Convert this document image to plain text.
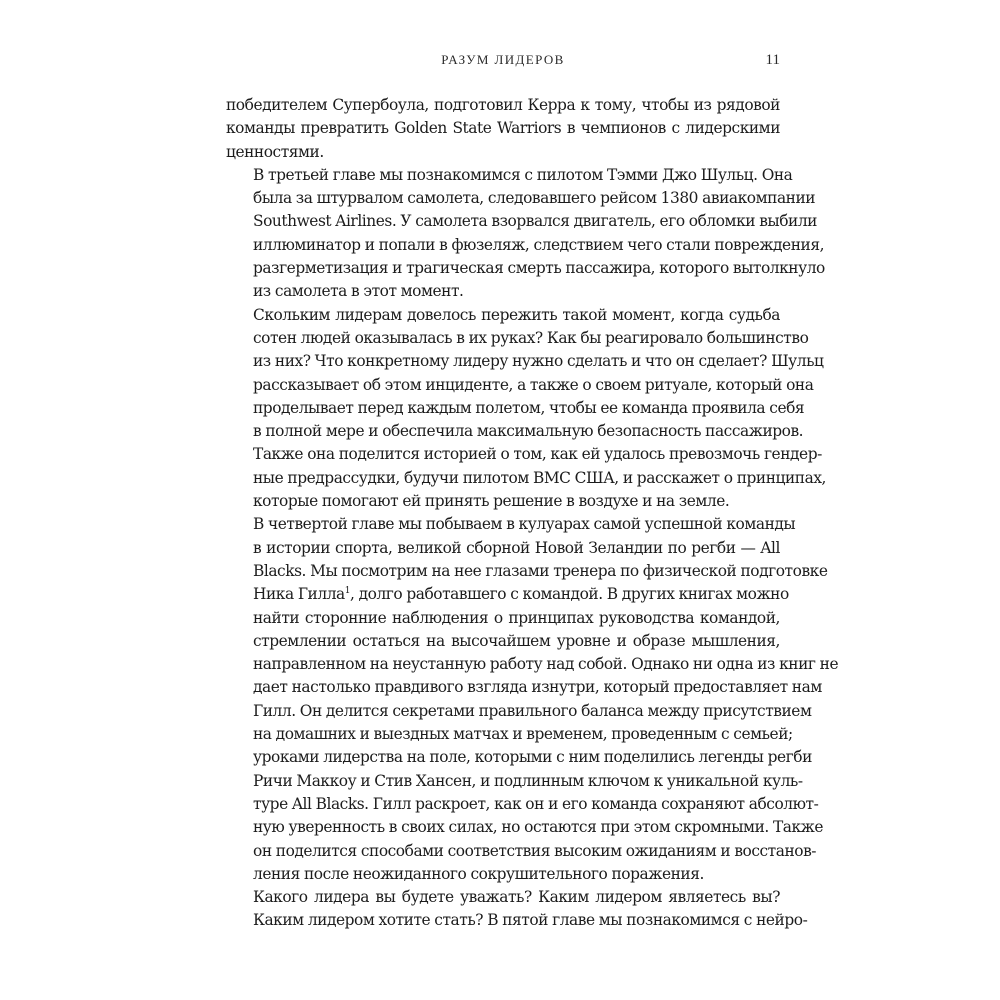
РАЗУМ ЛИДЕРОВ	11

победителем Супербоула, подготовил Керра к тому, чтобы из рядовой
команды превратить Golden State Warriors в чемпионов с лидерскими
ценностями.

В третьей главе мы познакомимся с пилотом Тэмми Джо Шульц. Она
была за штурвалом самолета, следовавшего рейсом 1380 авиакомпании
Southwest Airlines. У самолета взорвался двигатель, его обломки выбили
иллюминатор и попали в фюзеляж, следствием чего стали повреждения,
разгерметизация и трагическая смерть пассажира, которого вытолкнуло
из самолета в этот момент.

Скольким лидерам довелось пережить такой момент, когда судьба
сотен людей оказывалась в их руках? Как бы реагировало большинство
из них? Что конкретному лидеру нужно сделать и что он сделает? Шульц
рассказывает об этом инциденте, а также о своем ритуале, который она
проделывает перед каждым полетом, чтобы ее команда проявила себя
в полной мере и обеспечила максимальную безопасность пассажиров.
Также она поделится историей о том, как ей удалось превозмочь гендер-
ные предрассудки, будучи пилотом ВМС США, и расскажет о принципах,
которые помогают ей принять решение в воздухе и на земле.

В четвертой главе мы побываем в кулуарах самой успешной команды
в истории спорта, великой сборной Новой Зеландии по регби — All
Blacks. Мы посмотрим на нее глазами тренера по физической подготовке
Ника Гилла$^1$, долго работавшего с командой. В других книгах можно
найти сторонние наблюдения о принципах руководства командой,
стремлении остаться на высочайшем уровне и образе мышления,
направленном на неустанную работу над собой. Однако ни одна из книг не
дает настолько правдивого взгляда изнутри, который предоставляет нам
Гилл. Он делится секретами правильного баланса между присутствием
на домашних и выездных матчах и временем, проведенным с семьей;
уроками лидерства на поле, которыми с ним поделились легенды регби
Ричи Маккоу и Стив Хансен, и подлинным ключом к уникальной куль-
туре All Blacks. Гилл раскроет, как он и его команда сохраняют абсолют-
ную уверенность в своих силах, но остаются при этом скромными. Также
он поделится способами соответствия высоким ожиданиям и восстанов-
ления после неожиданного сокрушительного поражения.

Какого лидера вы будете уважать? Каким лидером являетесь вы?
Каким лидером хотите стать? В пятой главе мы познакомимся с нейро-
